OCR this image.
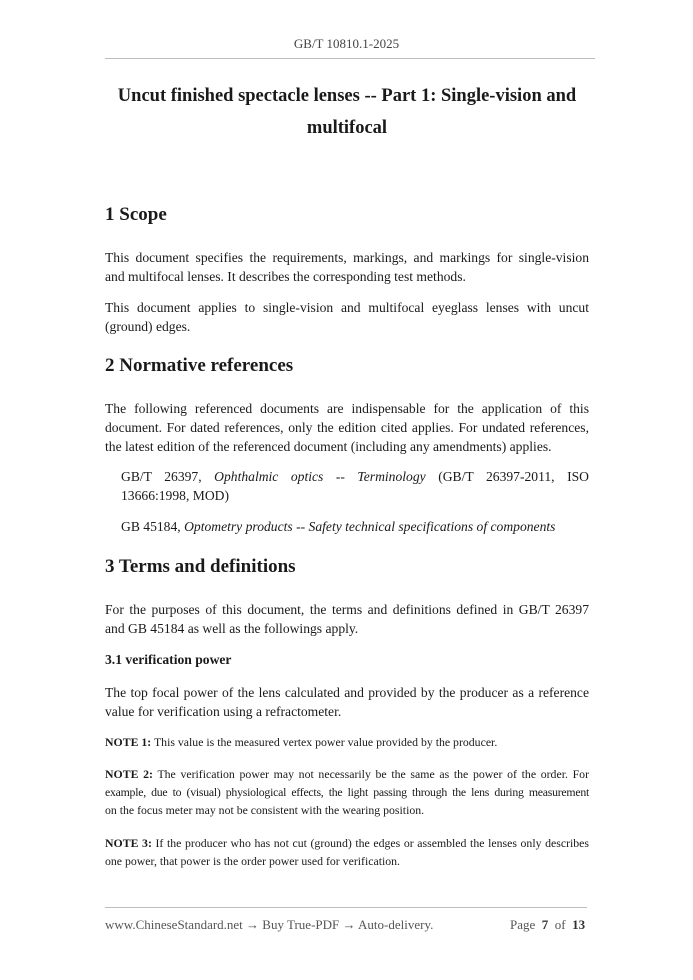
GB/T 10810.1-2025
Uncut finished spectacle lenses -- Part 1: Single-vision and
multifocal
1 Scope

This document specifies the requirements, markings, and markings for single-vision
and multifocal lenses. It describes the corresponding test methods.

This document applies to single-vision and multifocal eyeglass lenses with uncut
(ground) edges.

2 Normative references

The following referenced documents are indispensable for the application of this
document. For dated references, only the edition cited applies. For undated references,
the latest edition of the referenced document (including any amendments) applies.

GB/T 26397, Ophthalmic optics -- Terminology (GB/T 26397-2011, ISO
13666:1998, MOD)

GB 45184, Optometry products -- Safety technical specifications of components

3 Terms and definitions

For the purposes of this document, the terms and definitions defined in GB/T 26397
and GB 45184 as well as the followings apply.

3.1 verification power

The top focal power of the lens calculated and provided by the producer as a reference
value for verification using a refractometer.

NOTE 1: This value is the measured vertex power value provided by the producer.

NOTE 2: The verification power may not necessarily be the same as the power of the order. For
example, due to (visual) physiological effects, the light passing through the lens during measurement
on the focus meter may not be consistent with the wearing position.

NOTE 3: If the producer who has not cut (ground) the edges or assembled the lenses only describes
one power, that power is the order power used for verification.

www.ChineseStandard.net → Buy True-PDF → Auto-delivery.	Page 7 of 13
